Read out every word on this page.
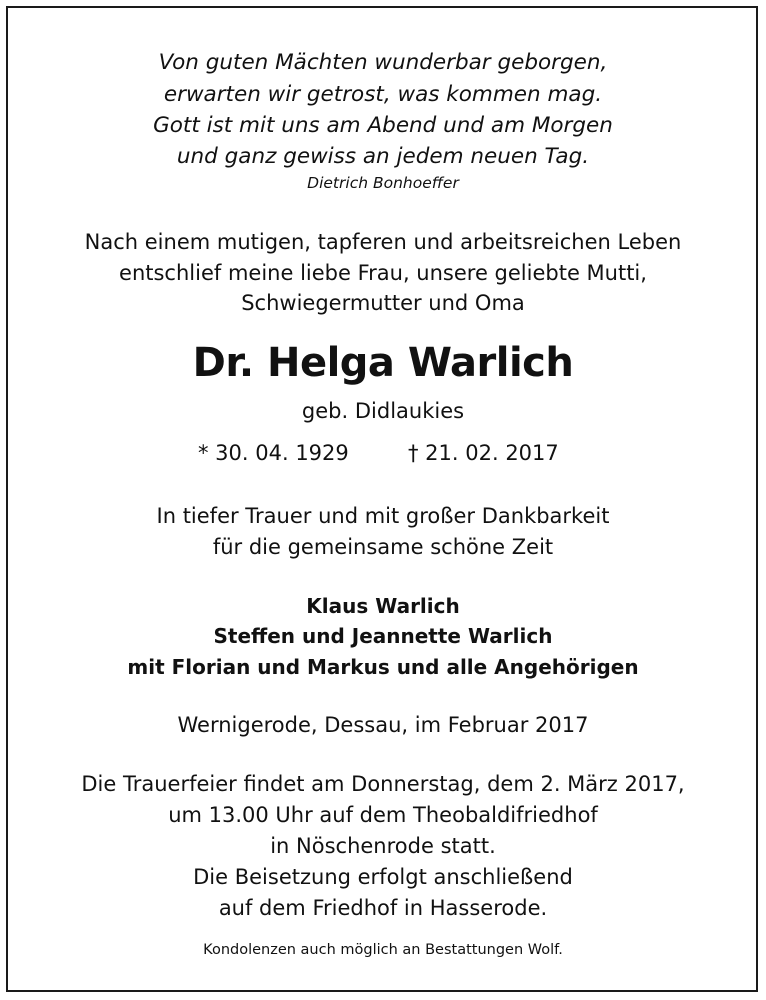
Von guten Mächten wunderbar geborgen,
erwarten wir getrost, was kommen mag.
Gott ist mit uns am Abend und am Morgen
und ganz gewiss an jedem neuen Tag.
Dietrich Bonhoeffer
Nach einem mutigen, tapferen und arbeitsreichen Leben
entschlief meine liebe Frau, unsere geliebte Mutti,
Schwiegermutter und Oma
Dr. Helga Warlich
geb. Didlaukies
* 30. 04. 1929	† 21. 02. 2017
In tiefer Trauer und mit großer Dankbarkeit
für die gemeinsame schöne Zeit
Klaus Warlich
Steffen und Jeannette Warlich
mit Florian und Markus und alle Angehörigen
Wernigerode, Dessau, im Februar 2017
Die Trauerfeier findet am Donnerstag, dem 2. März 2017,
um 13.00 Uhr auf dem Theobaldifriedhof
in Nöschenrode statt.
Die Beisetzung erfolgt anschließend
auf dem Friedhof in Hasserode.
Kondolenzen auch möglich an Bestattungen Wolf.
